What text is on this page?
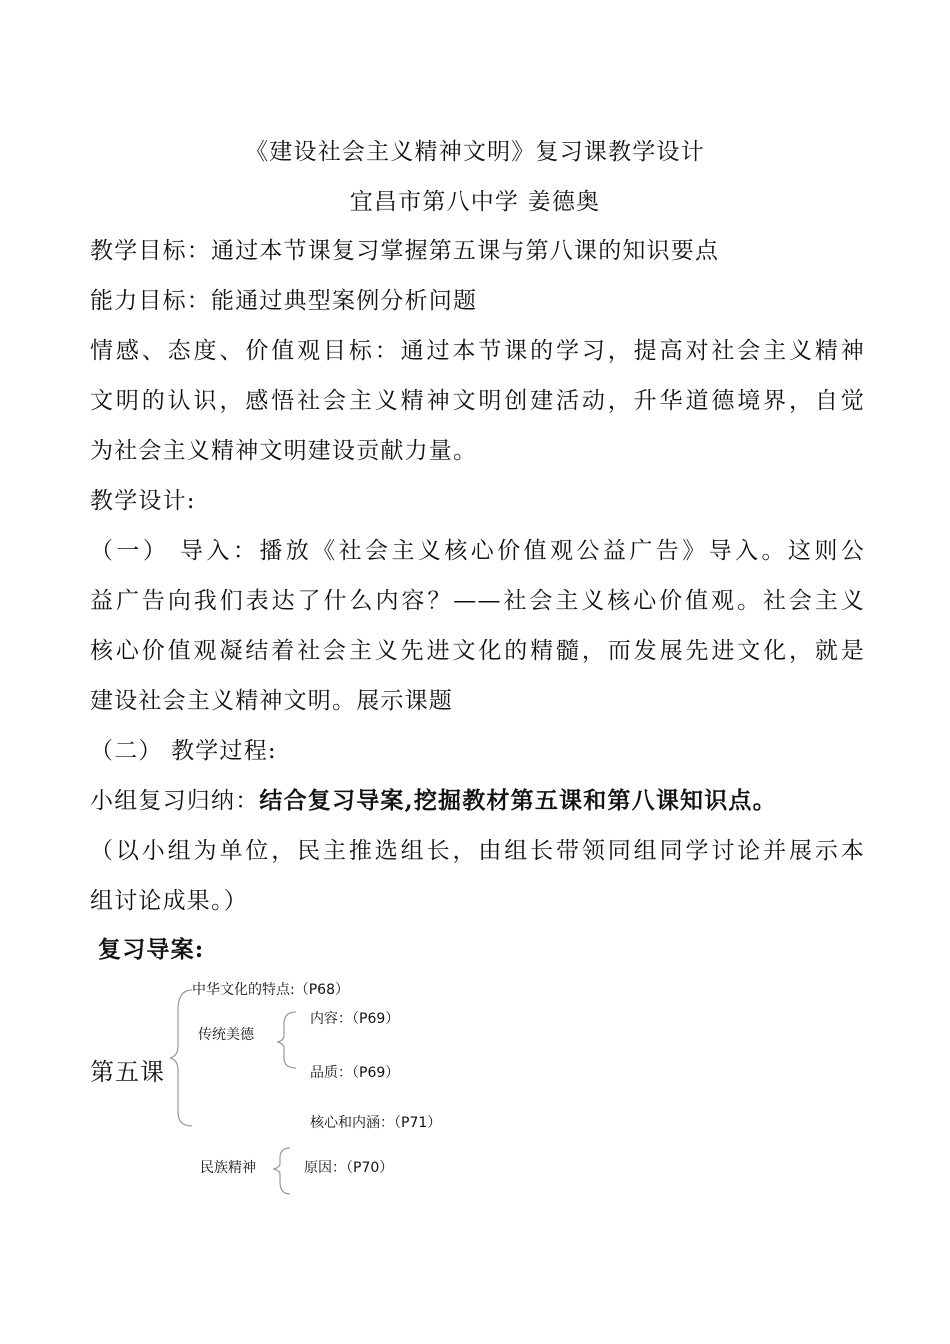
《建设社会主义精神文明》复习课教学设计
宜昌市第八中学 姜德奥
教学目标：通过本节课复习掌握第五课与第八课的知识要点
能力目标：能通过典型案例分析问题
情感、态度、价值观目标：通过本节课的学习，提高对社会主义精神
文明的认识，感悟社会主义精神文明创建活动，升华道德境界，自觉
为社会主义精神文明建设贡献力量。
教学设计:
（一） 导入：播放《社会主义核心价值观公益广告》导入。这则公
益广告向我们表达了什么内容？——社会主义核心价值观。社会主义
核心价值观凝结着社会主义先进文化的精髓，而发展先进文化，就是
建设社会主义精神文明。展示课题
（二） 教学过程:
小组复习归纳：结合复习导案,挖掘教材第五课和第八课知识点。
（以小组为单位，民主推选组长，由组长带领同组同学讨论并展示本
组讨论成果。）
复习导案:
第五课
中华文化的特点:（P68）
传统美德
内容：（P69）
品质：（P69）
核心和内涵：（P71）
民族精神	原因：（P70）
